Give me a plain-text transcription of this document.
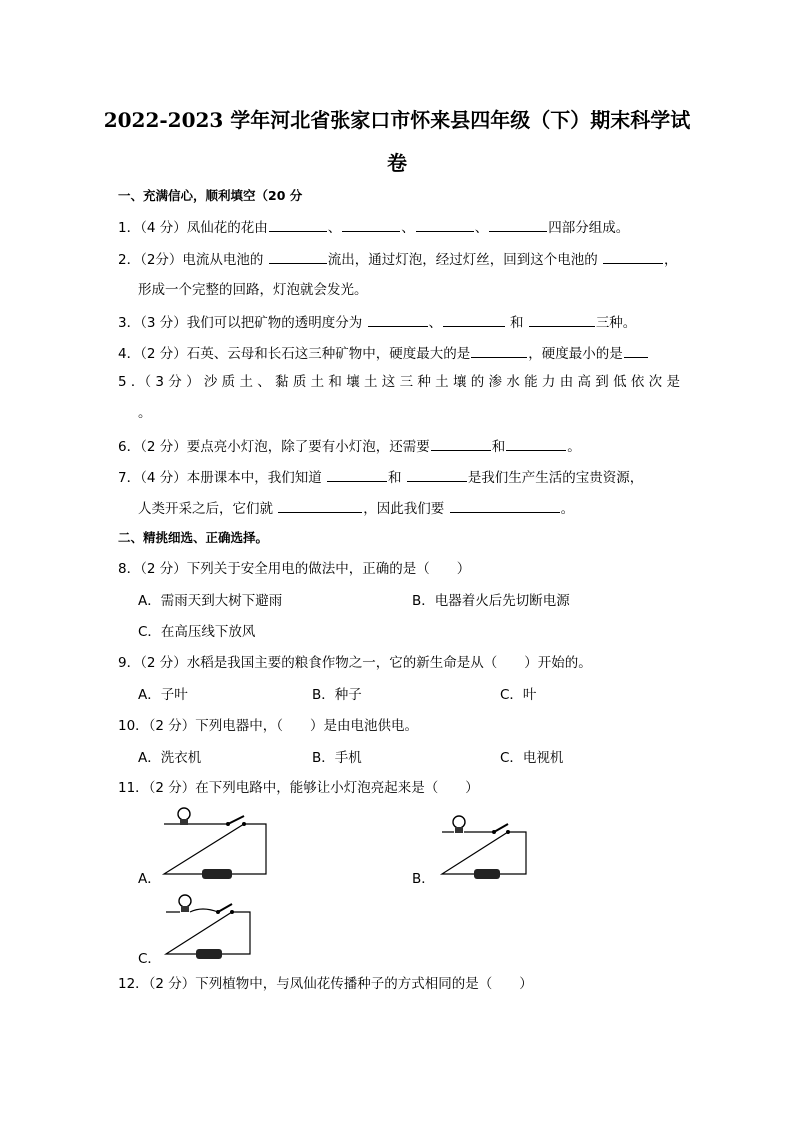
2022-2023 学年河北省张家口市怀来县四年级（下）期末科学试
卷
一、充满信心，顺利填空（20 分
1．（4 分）凤仙花的花由	、	、	、	四部分组成。
2．（2分）电流从电池的	流出，通过灯泡，经过灯丝，回到这个电池的	，
形成一个完整的回路，灯泡就会发光。
3．（3 分）我们可以把矿物的透明度分为	、	和	三种。
4．（2 分）石英、云母和长石这三种矿物中，硬度最大的是	，硬度最小的是
5 ．（ 3 分 ） 沙 质 土 、 黏 质 土 和 壤 土 这 三 种 土 壤 的 渗 水 能 力 由 高 到 低 依 次 是
。
6．（2 分）要点亮小灯泡，除了要有小灯泡，还需要	和	。
7．（4 分）本册课本中，我们知道	和	是我们生产生活的宝贵资源，
人类开采之后，它们就	，因此我们要	。
二、精挑细选、正确选择。
8．（2 分）下列关于安全用电的做法中，正确的是（　　）
A．需雨天到大树下避雨	B．电器着火后先切断电源
C．在高压线下放风
9．（2 分）水稻是我国主要的粮食作物之一，它的新生命是从（　　）开始的。
A．子叶	B．种子	C．叶
10．（2 分）下列电器中，（　　）是由电池供电。
A．洗衣机	B．手机	C．电视机
11．（2 分）在下列电路中，能够让小灯泡亮起来是（　　）
A．	B．
C．
12．（2 分）下列植物中，与凤仙花传播种子的方式相同的是（　　）
